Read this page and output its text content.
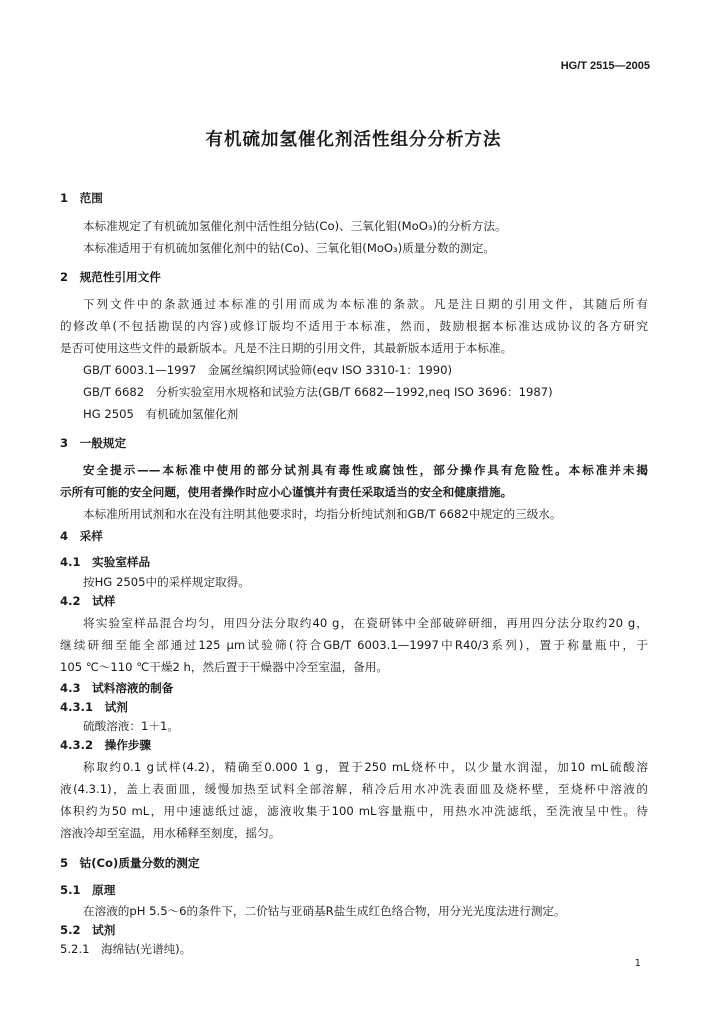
HG/T 2515—2005
有机硫加氢催化剂活性组分分析方法
1　范围
本标准规定了有机硫加氢催化剂中活性组分钴(Co)、三氧化钼(MoO₃)的分析方法。
本标准适用于有机硫加氢催化剂中的钴(Co)、三氧化钼(MoO₃)质量分数的测定。
2　规范性引用文件
下列文件中的条款通过本标准的引用而成为本标准的条款。凡是注日期的引用文件，其随后所有
的修改单(不包括勘误的内容)或修订版均不适用于本标准，然而，鼓励根据本标准达成协议的各方研究
是否可使用这些文件的最新版本。凡是不注日期的引用文件，其最新版本适用于本标准。
GB/T 6003.1—1997　金属丝编织网试验筛(eqv ISO 3310-1：1990)
GB/T 6682　分析实验室用水规格和试验方法(GB/T 6682—1992,neq ISO 3696：1987)
HG 2505　有机硫加氢催化剂
3　一般规定
安全提示——本标准中使用的部分试剂具有毒性或腐蚀性，部分操作具有危险性。本标准并未揭
示所有可能的安全问题，使用者操作时应小心谨慎并有责任采取适当的安全和健康措施。
本标准所用试剂和水在没有注明其他要求时，均指分析纯试剂和GB/T 6682中规定的三级水。
4　采样
4.1　实验室样品
按HG 2505中的采样规定取得。
4.2　试样
将实验室样品混合均匀，用四分法分取约40 g，在瓷研钵中全部破碎研细，再用四分法分取约20 g，
继续研细至能全部通过125 μm试验筛(符合GB/T 6003.1—1997中R40/3系列)，置于称量瓶中，于
105 ℃～110 ℃干燥2 h，然后置于干燥器中冷至室温，备用。
4.3　试料溶液的制备
4.3.1　试剂
硫酸溶液：1＋1。
4.3.2　操作步骤
称取约0.1 g试样(4.2)，精确至0.000 1 g，置于250 mL烧杯中，以少量水润湿，加10 mL硫酸溶
液(4.3.1)，盖上表面皿，缓慢加热至试料全部溶解，稍冷后用水冲洗表面皿及烧杯壁，至烧杯中溶液的
体积约为50 mL，用中速滤纸过滤，滤液收集于100 mL容量瓶中，用热水冲洗滤纸，至洗液呈中性。待
溶液冷却至室温，用水稀释至刻度，摇匀。
5　钴(Co)质量分数的测定
5.1　原理
在溶液的pH 5.5～6的条件下，二价钴与亚硝基R盐生成红色络合物，用分光光度法进行测定。
5.2　试剂
5.2.1　海绵钴(光谱纯)。
1
